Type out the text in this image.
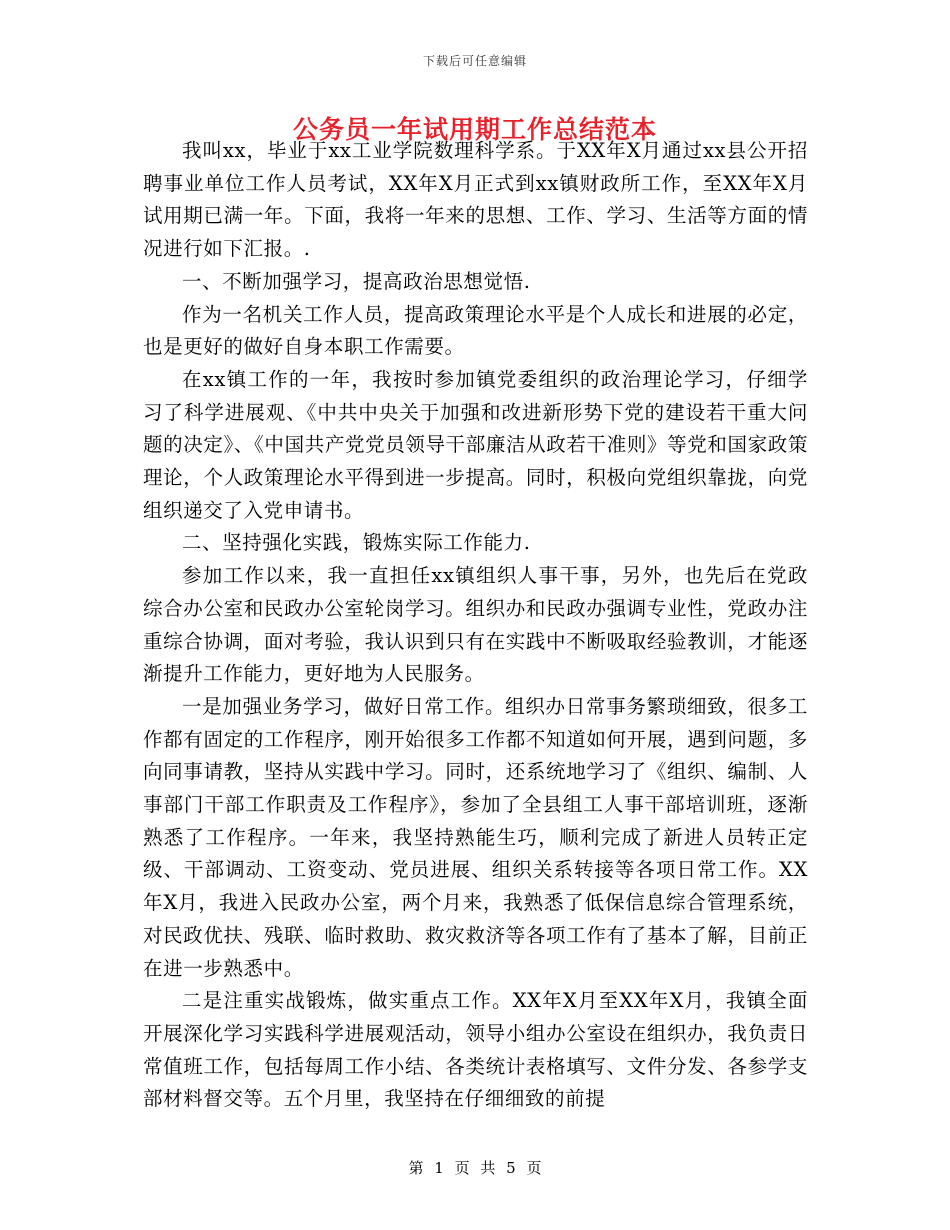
下载后可任意编辑
公务员一年试用期工作总结范本

我叫xx，毕业于xx工业学院数理科学系。于XX年X月通过xx县公开招聘事业单位工作人员考试，XX年X月正式到xx镇财政所工作，至XX年X月试用期已满一年。下面，我将一年来的思想、工作、学习、生活等方面的情况进行如下汇报。.

一、不断加强学习，提高政治思想觉悟.

作为一名机关工作人员，提高政策理论水平是个人成长和进展的必定，也是更好的做好自身本职工作需要。

在xx镇工作的一年，我按时参加镇党委组织的政治理论学习，仔细学习了科学进展观、《中共中央关于加强和改进新形势下党的建设若干重大问题的决定》、《中国共产党党员领导干部廉洁从政若干准则》等党和国家政策理论，个人政策理论水平得到进一步提高。同时，积极向党组织靠拢，向党组织递交了入党申请书。

二、坚持强化实践，锻炼实际工作能力.

参加工作以来，我一直担任xx镇组织人事干事，另外，也先后在党政综合办公室和民政办公室轮岗学习。组织办和民政办强调专业性，党政办注重综合协调，面对考验，我认识到只有在实践中不断吸取经验教训，才能逐渐提升工作能力，更好地为人民服务。

一是加强业务学习，做好日常工作。组织办日常事务繁琐细致，很多工作都有固定的工作程序，刚开始很多工作都不知道如何开展，遇到问题，多向同事请教，坚持从实践中学习。同时，还系统地学习了《组织、编制、人事部门干部工作职责及工作程序》，参加了全县组工人事干部培训班，逐渐熟悉了工作程序。一年来，我坚持熟能生巧，顺利完成了新进人员转正定级、干部调动、工资变动、党员进展、组织关系转接等各项日常工作。XX年X月，我进入民政办公室，两个月来，我熟悉了低保信息综合管理系统，对民政优扶、残联、临时救助、救灾救济等各项工作有了基本了解，目前正在进一步熟悉中。

二是注重实战锻炼，做实重点工作。XX年X月至XX年X月，我镇全面开展深化学习实践科学进展观活动，领导小组办公室设在组织办，我负责日常值班工作，包括每周工作小结、各类统计表格填写、文件分发、各参学支部材料督交等。五个月里，我坚持在仔细细致的前提

第 1 页 共 5 页
